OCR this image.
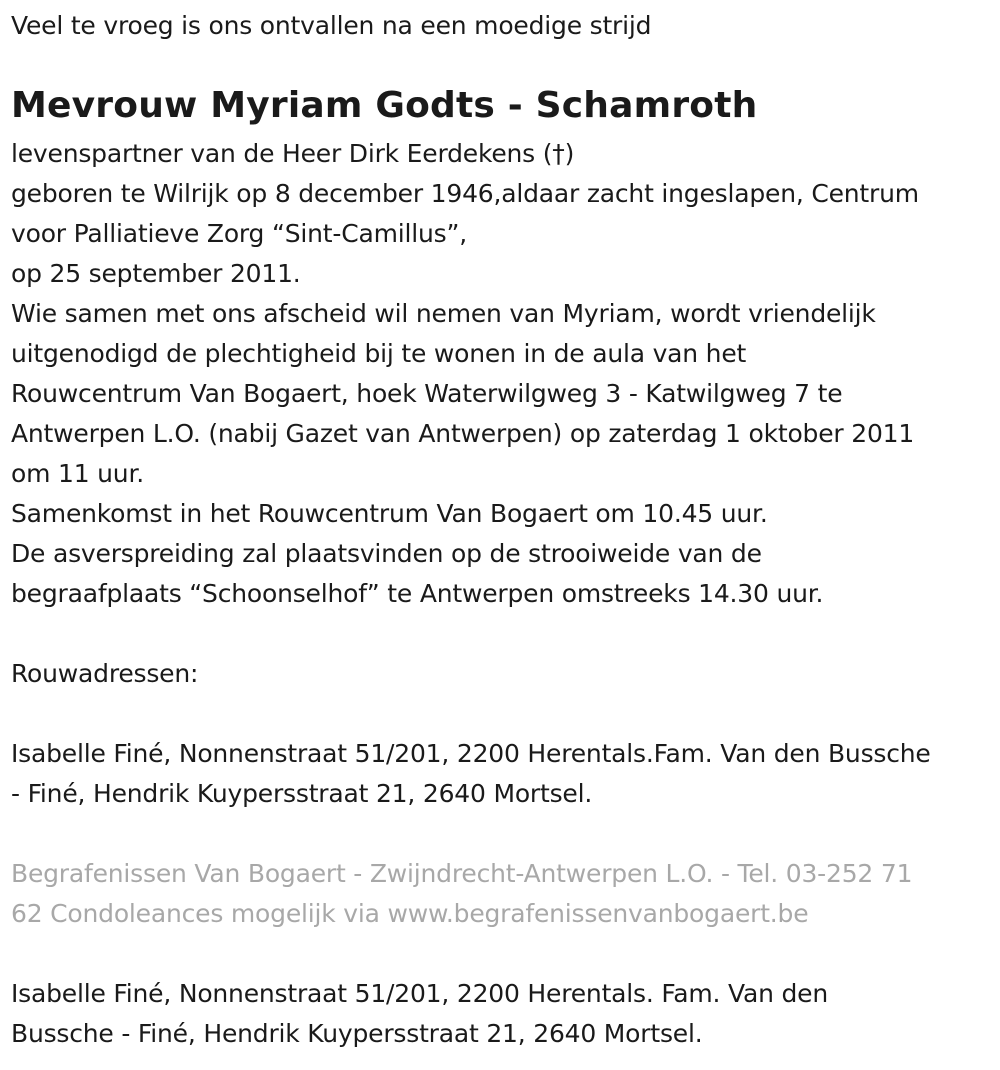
Veel te vroeg is ons ontvallen na een moedige strijd
Mevrouw Myriam Godts - Schamroth
levenspartner van de Heer Dirk Eerdekens (†)
geboren te Wilrijk op 8 december 1946,aldaar zacht ingeslapen, Centrum
voor Palliatieve Zorg “Sint-Camillus”,
op 25 september 2011.
Wie samen met ons afscheid wil nemen van Myriam, wordt vriendelijk
uitgenodigd de plechtigheid bij te wonen in de aula van het
Rouwcentrum Van Bogaert, hoek Waterwilgweg 3 - Katwilgweg 7 te
Antwerpen L.O. (nabij Gazet van Antwerpen) op zaterdag 1 oktober 2011
om 11 uur.
Samenkomst in het Rouwcentrum Van Bogaert om 10.45 uur.
De asverspreiding zal plaatsvinden op de strooiweide van de
begraafplaats “Schoonselhof” te Antwerpen omstreeks 14.30 uur.
Rouwadressen:
Isabelle Finé, Nonnenstraat 51/201, 2200 Herentals.Fam. Van den Bussche
- Finé, Hendrik Kuypersstraat 21, 2640 Mortsel.
Begrafenissen Van Bogaert - Zwijndrecht-Antwerpen L.O. - Tel. 03-252 71
62 Condoleances mogelijk via www.begrafenissenvanbogaert.be
Isabelle Finé, Nonnenstraat 51/201, 2200 Herentals. Fam. Van den
Bussche - Finé, Hendrik Kuypersstraat 21, 2640 Mortsel.
